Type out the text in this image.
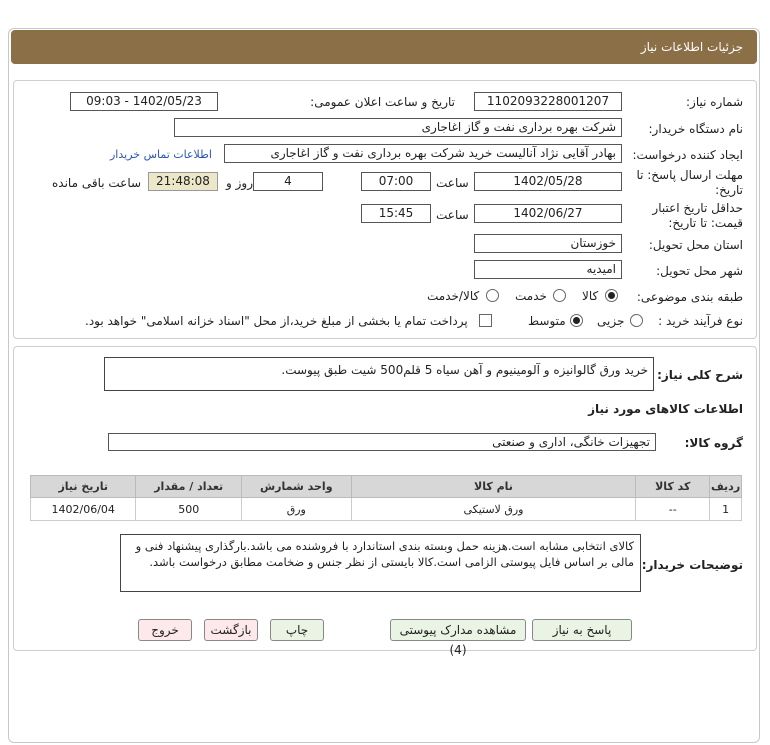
جزئیات اطلاعات نیاز
شماره نیاز:
1102093228001207
تاریخ و ساعت اعلان عمومی:
1402/05/23 - 09:03
نام دستگاه خریدار:
شرکت بهره برداری نفت و گاز اغاجاری
ایجاد کننده درخواست:
بهادر آقایی نژاد آنالیست خرید شرکت بهره برداری نفت و گاز اغاجاری
اطلاعات تماس خریدار
مهلت ارسال پاسخ: تا
تاریخ:
1402/05/28
ساعت
07:00
4
روز و
21:48:08
ساعت باقی مانده
حداقل تاریخ اعتبار
قیمت: تا تاریخ:
1402/06/27
ساعت
15:45
استان محل تحویل:
خوزستان
شهر محل تحویل:
امیدیه
طبقه بندی موضوعی:
کالا
خدمت
کالا/خدمت
نوع فرآیند خرید :
جزیی
متوسط
پرداخت تمام یا بخشی از مبلغ خرید،از محل "اسناد خزانه اسلامی" خواهد بود.
شرح کلی نیاز:
خرید ورق گالوانیزه و آلومینیوم و آهن سیاه 5 قلم500 شیت طبق پیوست.
اطلاعات کالاهای مورد نیاز
گروه کالا:
تجهیزات خانگی، اداری و صنعتی
ردیف	کد کالا	نام کالا	واحد شمارش	تعداد / مقدار	تاریخ نیاز
1	--	ورق لاستیکی	ورق	500	1402/06/04
توضیحات خریدار:
کالای انتخابی مشابه است.هزینه حمل وبسته بندی استاندارد با فروشنده می باشد.بارگذاری پیشنهاد فنی و مالی بر اساس فایل پیوستی الزامی است.کالا بایستی از نظر جنس و ضخامت مطابق درخواست باشد.
پاسخ به نیاز
مشاهده مدارک پیوستی (4)
چاپ
بازگشت
خروج
